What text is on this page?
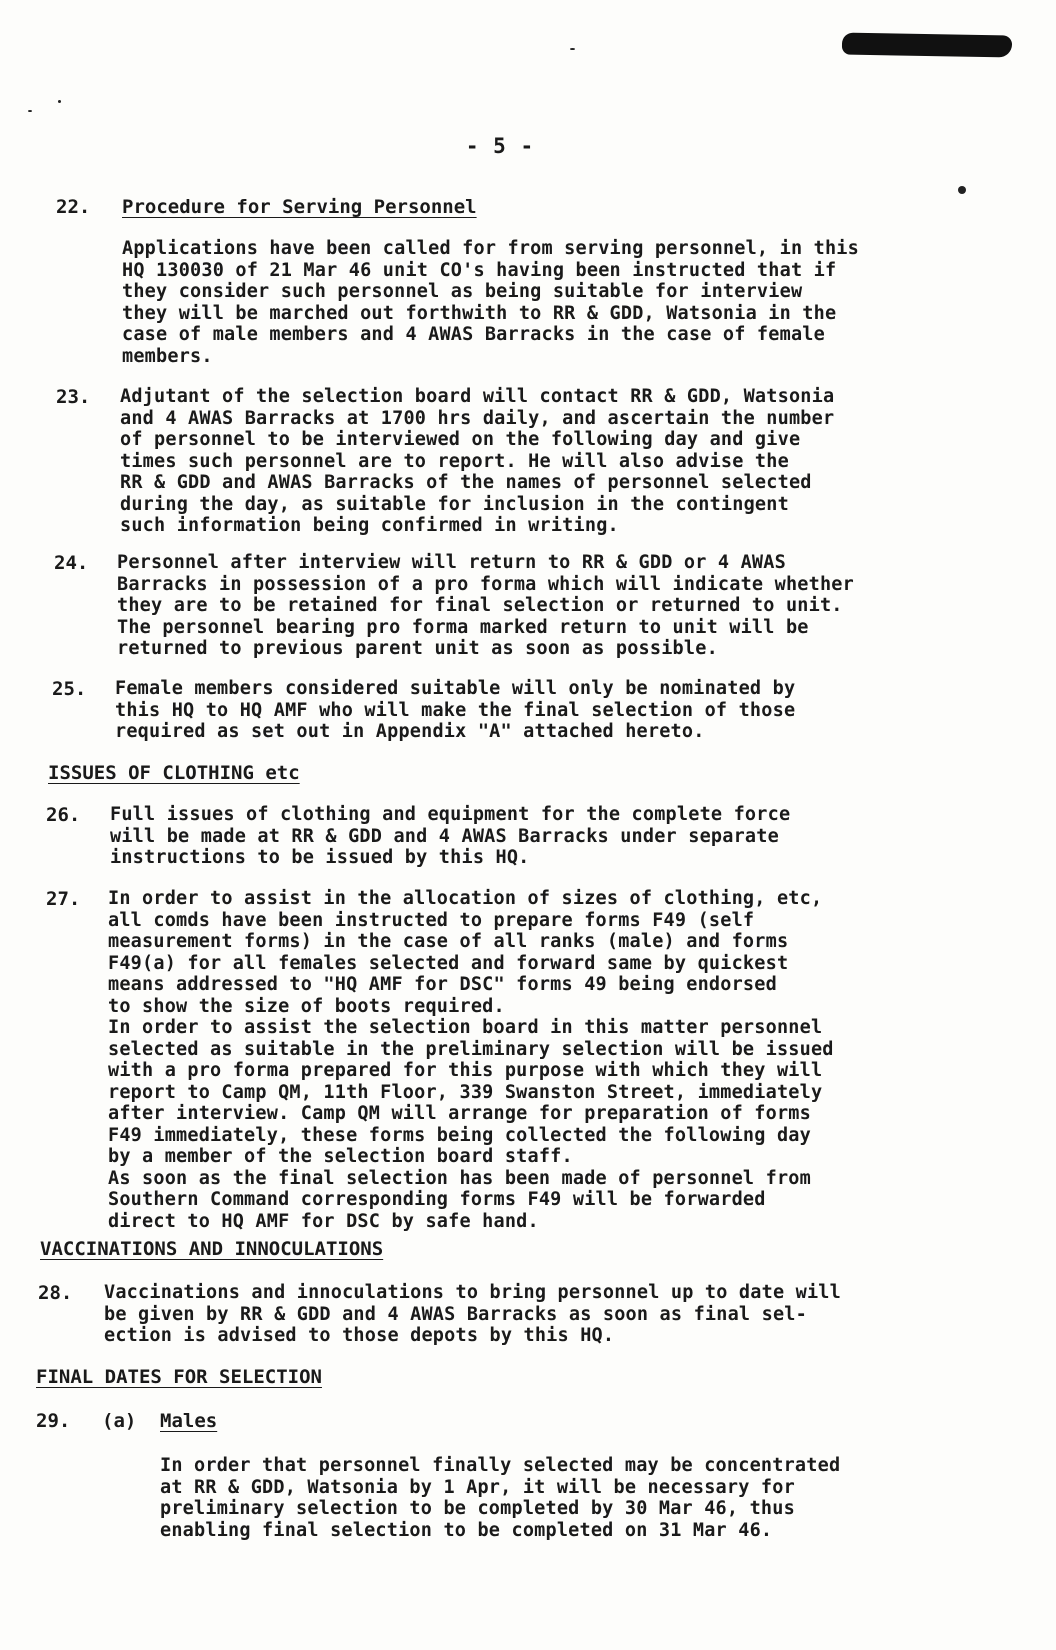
- 5 -
22. Procedure for Serving Personnel
Applications have been called for from serving personnel, in this
HQ 130030 of 21 Mar 46 unit CO's having been instructed that if
they consider such personnel as being suitable for interview
they will be marched out forthwith to RR & GDD, Watsonia in the
case of male members and 4 AWAS Barracks in the case of female
members.
23. Adjutant of the selection board will contact RR & GDD, Watsonia
and 4 AWAS Barracks at 1700 hrs daily, and ascertain the number
of personnel to be interviewed on the following day and give
times such personnel are to report. He will also advise the
RR & GDD and AWAS Barracks of the names of personnel selected
during the day, as suitable for inclusion in the contingent
such information being confirmed in writing.
24. Personnel after interview will return to RR & GDD or 4 AWAS
Barracks in possession of a pro forma which will indicate whether
they are to be retained for final selection or returned to unit.
The personnel bearing pro forma marked return to unit will be
returned to previous parent unit as soon as possible.
25. Female members considered suitable will only be nominated by
this HQ to HQ AMF who will make the final selection of those
required as set out in Appendix "A" attached hereto.
ISSUES OF CLOTHING etc
26. Full issues of clothing and equipment for the complete force
will be made at RR & GDD and 4 AWAS Barracks under separate
instructions to be issued by this HQ.
27. In order to assist in the allocation of sizes of clothing, etc,
all comds have been instructed to prepare forms F49 (self
measurement forms) in the case of all ranks (male) and forms
F49(a) for all females selected and forward same by quickest
means addressed to "HQ AMF for DSC" forms 49 being endorsed
to show the size of boots required.
In order to assist the selection board in this matter personnel
selected as suitable in the preliminary selection will be issued
with a pro forma prepared for this purpose with which they will
report to Camp QM, 11th Floor, 339 Swanston Street, immediately
after interview. Camp QM will arrange for preparation of forms
F49 immediately, these forms being collected the following day
by a member of the selection board staff.
As soon as the final selection has been made of personnel from
Southern Command corresponding forms F49 will be forwarded
direct to HQ AMF for DSC by safe hand.
VACCINATIONS AND INNOCULATIONS
28. Vaccinations and innoculations to bring personnel up to date will
be given by RR & GDD and 4 AWAS Barracks as soon as final sel-
ection is advised to those depots by this HQ.
FINAL DATES FOR SELECTION
29. (a) Males
In order that personnel finally selected may be concentrated
at RR & GDD, Watsonia by 1 Apr, it will be necessary for
preliminary selection to be completed by 30 Mar 46, thus
enabling final selection to be completed on 31 Mar 46.
